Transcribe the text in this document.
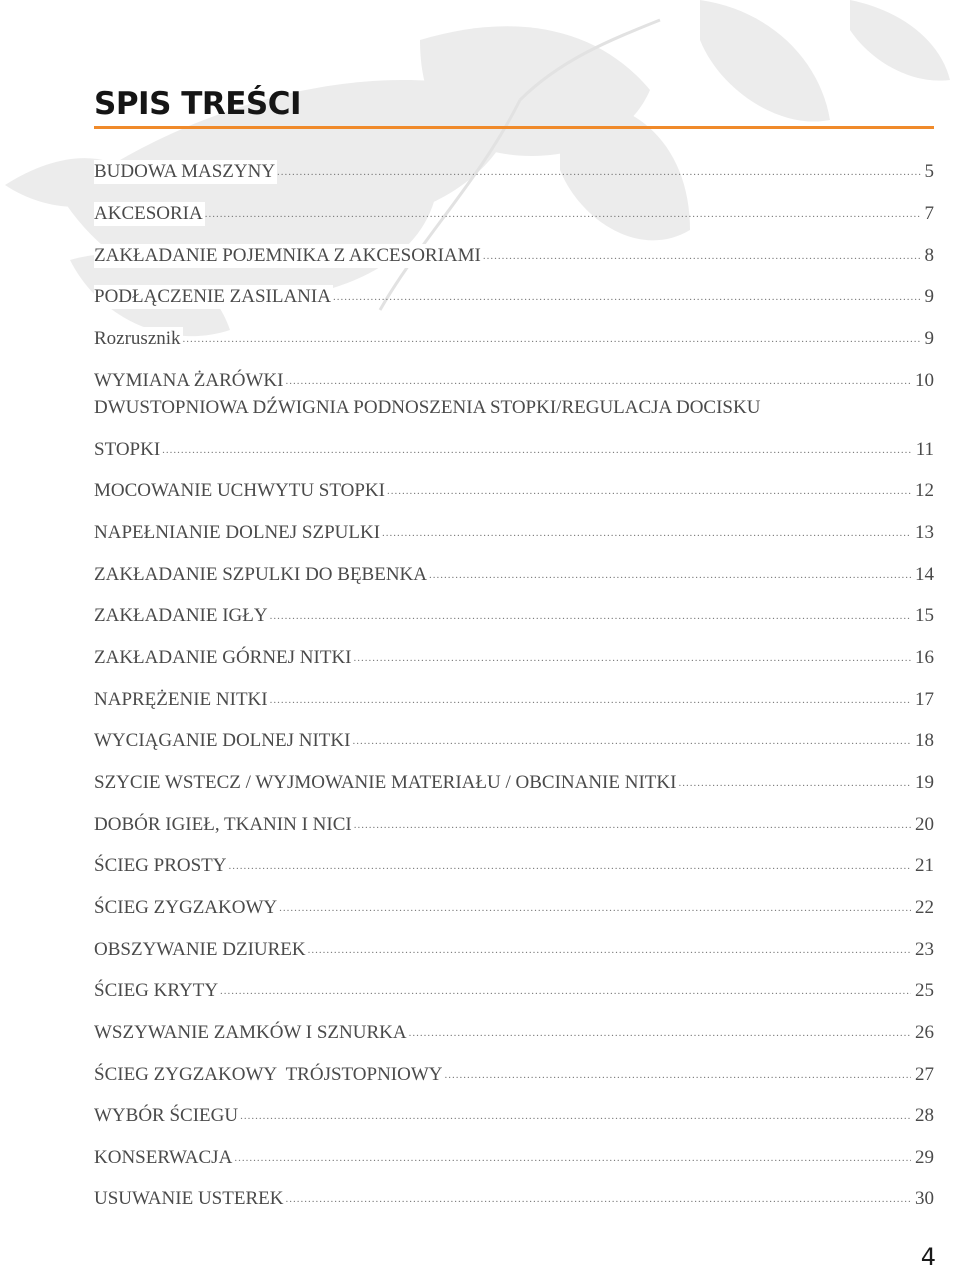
SPIS TREŚCI
BUDOWA MASZYNY .....	5
AKCESORIA .....	7
ZAKŁADANIE POJEMNIKA Z AKCESORIAMI .....	8
PODŁĄCZENIE ZASILANIA .....	9
Rozrusznik .....	9
WYMIANA ŻARÓWKI .....	10
DWUSTOPNIOWA DŹWIGNIA PODNOSZENIA STOPKI/REGULACJA DOCISKU
STOPKI .....	11
MOCOWANIE UCHWYTU STOPKI .....	12
NAPEŁNIANIE DOLNEJ SZPULKI .....	13
ZAKŁADANIE SZPULKI DO BĘBENKA .....	14
ZAKŁADANIE IGŁY .....	15
ZAKŁADANIE GÓRNEJ NITKI .....	16
NAPRĘŻENIE NITKI .....	17
WYCIĄGANIE DOLNEJ NITKI .....	18
SZYCIE WSTECZ / WYJMOWANIE MATERIAŁU / OBCINANIE NITKI .....	19
DOBÓR IGIEŁ, TKANIN I NICI .....	20
ŚCIEG PROSTY .....	21
ŚCIEG ZYGZAKOWY .....	22
OBSZYWANIE DZIUREK .....	23
ŚCIEG KRYTY .....	25
WSZYWANIE ZAMKÓW I SZNURKA .....	26
ŚCIEG ZYGZAKOWY  TRÓJSTOPNIOWY .....	27
WYBÓR ŚCIEGU .....	28
KONSERWACJA .....	29
USUWANIE USTEREK .....	30
4
